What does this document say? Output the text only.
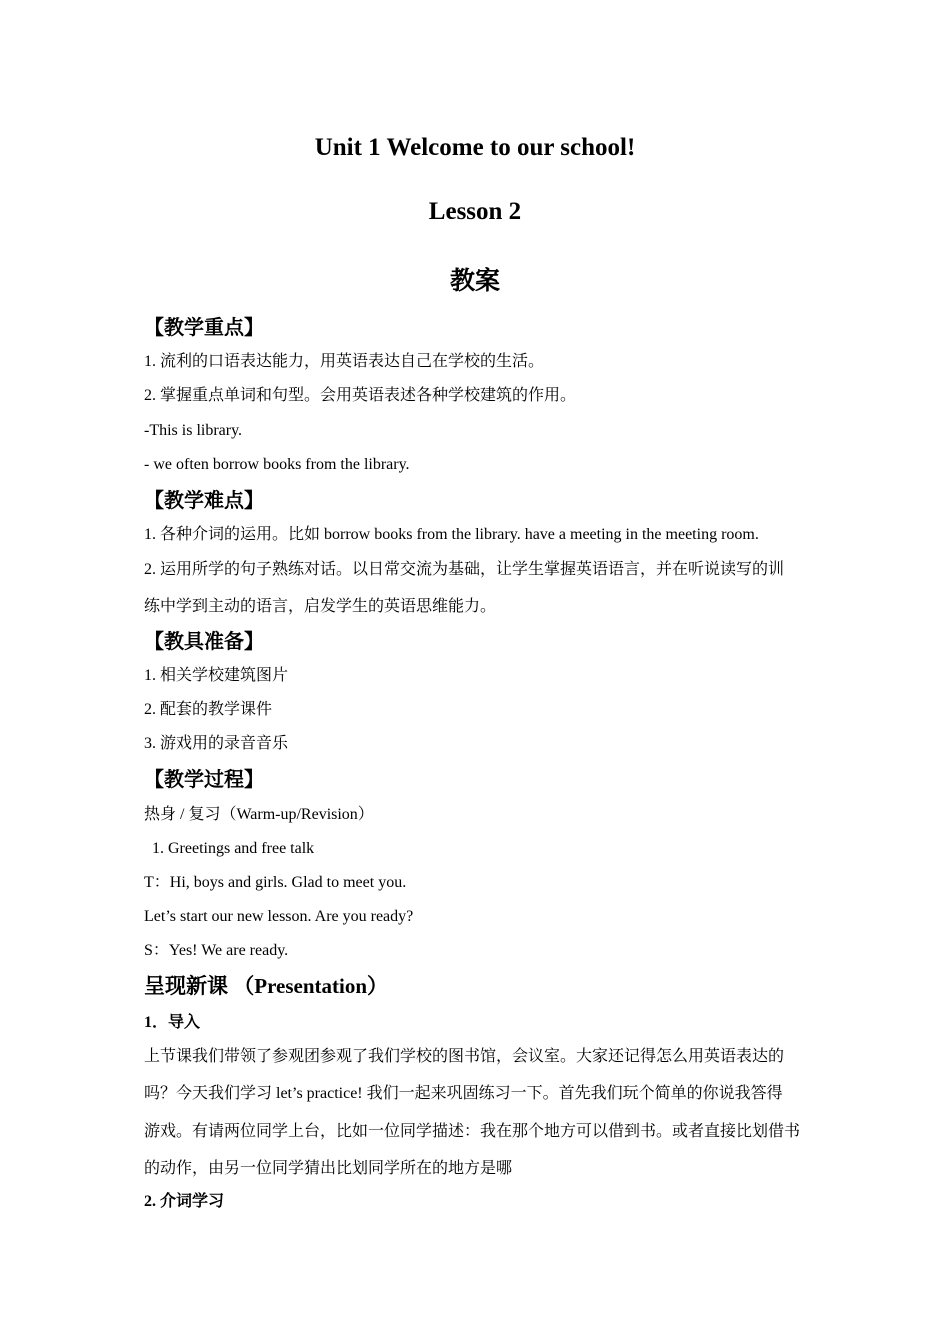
Unit 1 Welcome to our school!
Lesson 2
教案
【教学重点】
1. 流利的口语表达能力，用英语表达自己在学校的生活。
2. 掌握重点单词和句型。会用英语表述各种学校建筑的作用。
-This is library.
- we often borrow books from the library.
【教学难点】
1. 各种介词的运用。比如 borrow books from the library. have a meeting in the meeting room.
2. 运用所学的句子熟练对话。以日常交流为基础，让学生掌握英语语言，并在听说读写的训
练中学到主动的语言，启发学生的英语思维能力。
【教具准备】
1. 相关学校建筑图片
2. 配套的教学课件
3. 游戏用的录音音乐
【教学过程】
热身 / 复习（Warm-up/Revision）
1. Greetings and free talk
T：Hi, boys and girls. Glad to meet you.
Let’s start our new lesson. Are you ready?
S：Yes! We are ready.
呈现新课 （Presentation）
1．导入
上节课我们带领了参观团参观了我们学校的图书馆，会议室。大家还记得怎么用英语表达的
吗？今天我们学习 let’s practice! 我们一起来巩固练习一下。首先我们玩个简单的你说我答得
游戏。有请两位同学上台，比如一位同学描述：我在那个地方可以借到书。或者直接比划借书
的动作，由另一位同学猜出比划同学所在的地方是哪
2. 介词学习
